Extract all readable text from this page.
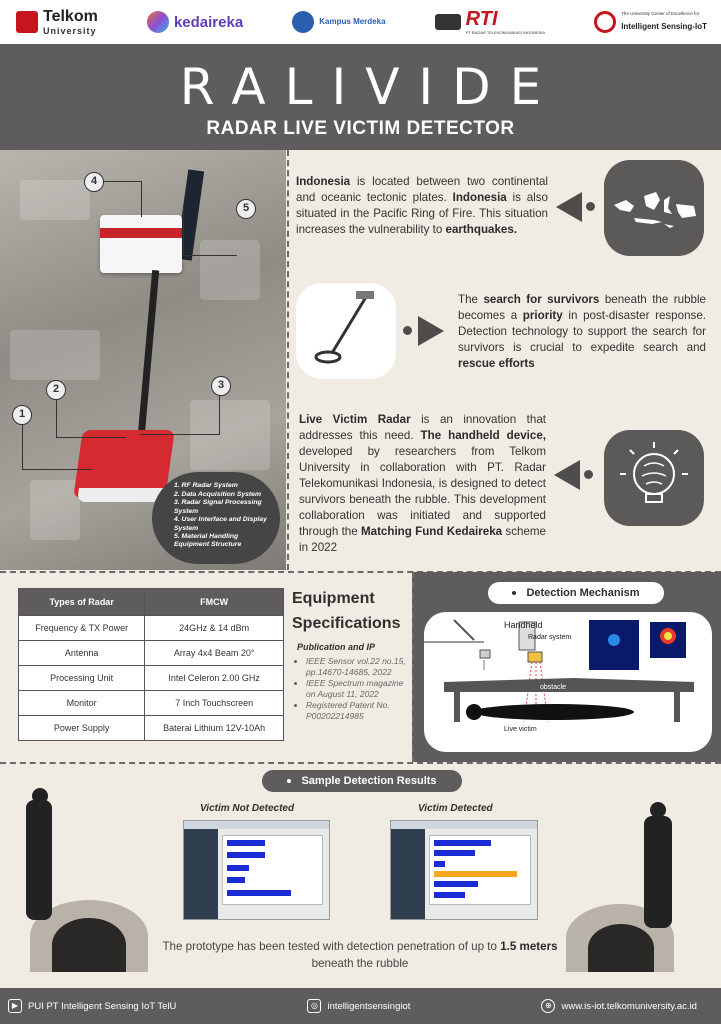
Telkom
University
kedaireka	Kampus Merdeka	RTI
PT RADAR TELEKOMUNIKASI INDONESIA
The University Center of Excellence for
Intelligent Sensing-IoT
RALIVIDE
RADAR LIVE VICTIM DETECTOR
4
5
2
1
3
1. RF Radar System
2. Data Acquisition System
3. Radar Signal Processing System
4. User Interface and Display System
5. Material Handling Equipment Structure
Indonesia is located between two continental and oceanic tectonic plates. Indonesia is also situated in the Pacific Ring of Fire. This situation increases the vulnerability to earthquakes.
The search for survivors beneath the rubble becomes a priority in post-disaster response. Detection technology to support the search for survivors is crucial to expedite search and rescue efforts
Live Victim Radar is an innovation that addresses this need. The handheld device, developed by researchers from Telkom University in collaboration with PT. Radar Telekomunikasi Indonesia, is designed to detect survivors beneath the rubble. This development collaboration was initiated and supported through the Matching Fund Kedaireka scheme in 2022
Types of Radar	FMCW
Frequency & TX Power	24GHz & 14 dBm
Antenna	Array 4x4 Beam 20°
Processing Unit	Intel Celeron 2.00 GHz
Monitor	7 Inch Touchscreen
Power Supply	Baterai Lithium 12V-10Ah
Equipment
Specifications
Publication and IP
• IEEE Sensor vol.22 no.15, pp.14670-14685, 2022
• IEEE Spectrum magazine on August 11, 2022
• Registered Patent No. P00202214985
Detection Mechanism
Handheld
Radar system
obstacle
Live victim
Sample Detection Results
Victim Not Detected	Victim Detected
The prototype has been tested with detection penetration of up to 1.5 meters beneath the rubble
▶	PUI PT Intelligent Sensing IoT TelU	◎	intelligentsensingiot	⊕	www.is-iot.telkomuniversity.ac.id
